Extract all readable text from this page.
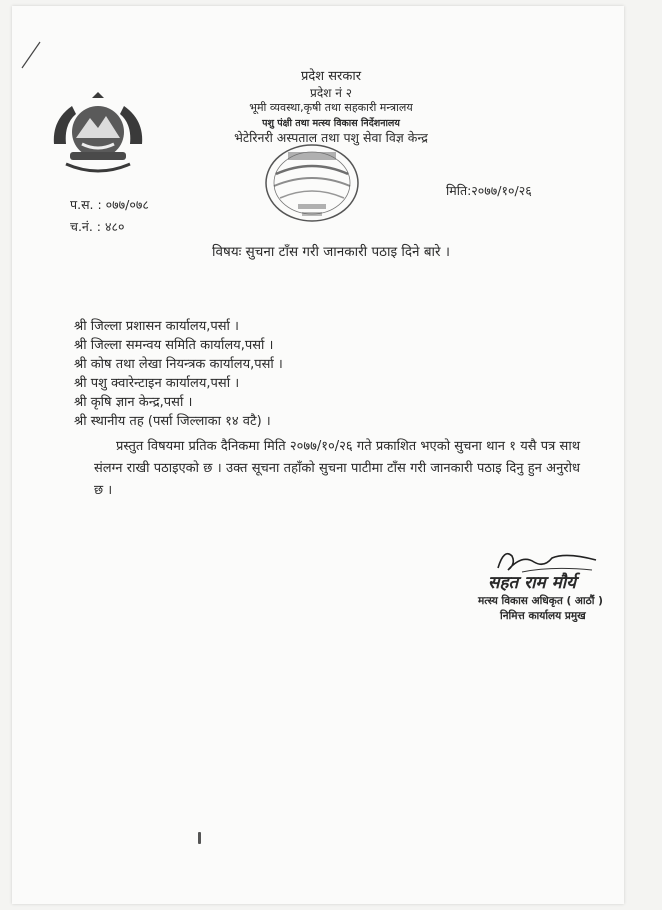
प्रदेश सरकार
प्रदेश नं २
भूमी व्यवस्था,कृषी तथा सहकारी मन्त्रालय
पशु पंक्षी तथा मत्स्य विकास निर्देशनालय
भेटेरिनरी अस्पताल तथा पशु सेवा विज्ञ केन्द्र
प.स. : ०७७/०७८
च.नं. : ४८०
मिति:२०७७/१०/२६
विषयः सुचना टाँस गरी जानकारी पठाइ दिने बारे ।
श्री जिल्ला प्रशासन कार्यालय,पर्सा ।
श्री जिल्ला समन्वय समिति कार्यालय,पर्सा ।
श्री कोष तथा लेखा नियन्त्रक कार्यालय,पर्सा ।
श्री पशु क्वारेन्टाइन कार्यालय,पर्सा ।
श्री कृषि ज्ञान केन्द्र,पर्सा ।
श्री स्थानीय तह (पर्सा जिल्लाका १४ वटै) ।

प्रस्तुत विषयमा प्रतिक दैनिकमा मिति २०७७/१०/२६ गते प्रकाशित भएको सुचना थान १ यसै पत्र साथ संलग्न राखी पठाइएको छ । उक्त सूचना तहाँको सुचना पाटीमा टाँस गरी जानकारी पठाइ दिनु हुन अनुरोध छ ।

सहत राम मौर्य
मत्स्य विकास अधिकृत ( आठौं )
निमित्त कार्यालय प्रमुख
